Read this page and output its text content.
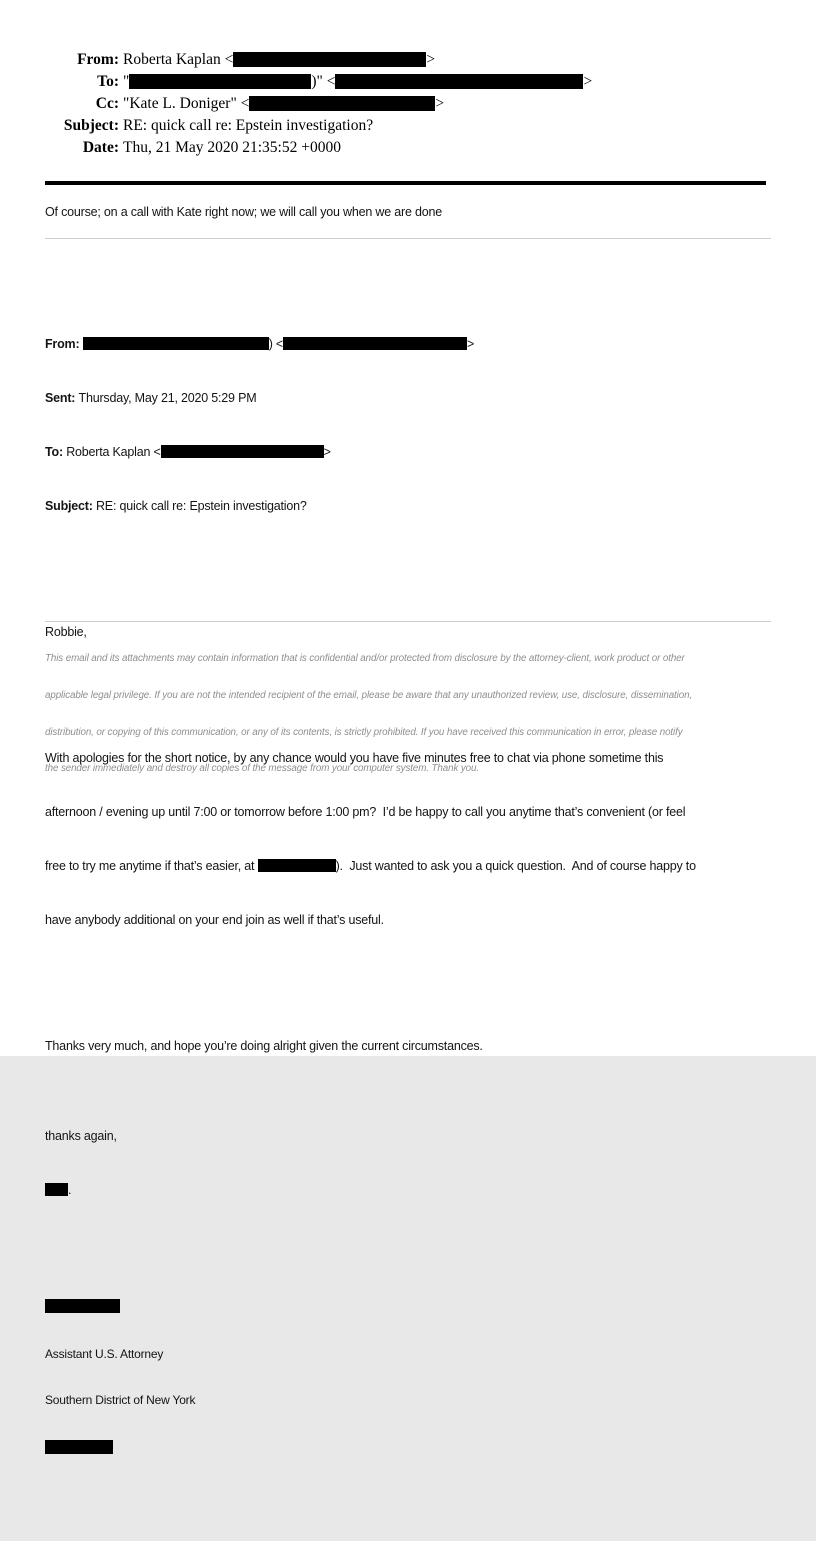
From: Roberta Kaplan <	>
To: "	)" <	>
Cc: "Kate L. Doniger" <	>
Subject: RE: quick call re: Epstein investigation?
Date: Thu, 21 May 2020 21:35:52 +0000
Of course; on a call with Kate right now; we will call you when we are done

From:	) <	>

Sent: Thursday, May 21, 2020 5:29 PM

To: Roberta Kaplan <	>

Subject: RE: quick call re: Epstein investigation?

Robbie,

With apologies for the short notice, by any chance would you have five minutes free to chat via phone sometime this

afternoon / evening up until 7:00 or tomorrow before 1:00 pm?  I’d be happy to call you anytime that’s convenient (or feel

free to try me anytime if that’s easier, at	).  Just wanted to ask you a quick question.  And of course happy to

have anybody additional on your end join as well if that’s useful.

Thanks very much, and hope you’re doing alright given the current circumstances.

thanks again,

.

Assistant U.S. Attorney

Southern District of New York

This email and its attachments may contain information that is confidential and/or protected from disclosure by the attorney-client, work product or other

applicable legal privilege. If you are not the intended recipient of the email, please be aware that any unauthorized review, use, disclosure, dissemination,

distribution, or copying of this communication, or any of its contents, is strictly prohibited. If you have received this communication in error, please notify

the sender immediately and destroy all copies of the message from your computer system. Thank you.
